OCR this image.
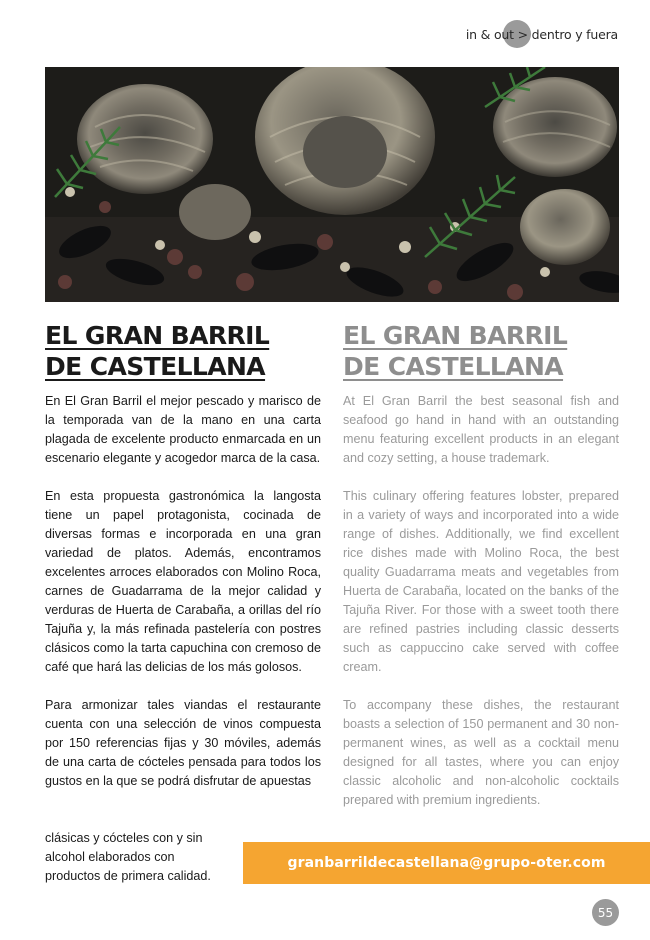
in & out > dentro y fuera
EL GRAN BARRIL
DE CASTELLANA
EL GRAN BARRIL
DE CASTELLANA

En El Gran Barril el mejor pescado y marisco de la temporada van de la mano en una carta plagada de excelente producto enmarcada en un escenario elegante y acogedor marca de la casa.

En esta propuesta gastronómica la langosta tiene un papel protagonista, cocinada de diversas formas e incorporada en una gran variedad de platos. Además, encontramos excelentes arroces elaborados con Molino Roca, carnes de Guadarrama de la mejor calidad y verduras de Huerta de Carabaña, a orillas del río Tajuña y, la más refinada pastelería con postres clásicos como la tarta capuchina con cremoso de café que hará las delicias de los más golosos.

Para armonizar tales viandas el restaurante cuenta con una selección de vinos compuesta por 150 referencias fijas y 30 móviles, además de una carta de cócteles pensada para todos los gustos en la que se podrá disfrutar de apuestas

clásicas y cócteles con y sin alcohol elaborados con productos de primera calidad.

At El Gran Barril the best seasonal fish and seafood go hand in hand with an outstanding menu featuring excellent products in an elegant and cozy setting, a house trademark.

This culinary offering features lobster, prepared in a variety of ways and incorporated into a wide range of dishes. Additionally, we find excellent rice dishes made with Molino Roca, the best quality Guadarrama meats and vegetables from Huerta de Carabaña, located on the banks of the Tajuña River. For those with a sweet tooth there are refined pastries including classic desserts such as cappuccino cake served with coffee cream.

To accompany these dishes, the restaurant boasts a selection of 150 permanent and 30 non-permanent wines, as well as a cocktail menu designed for all tastes, where you can enjoy classic alcoholic and non-alcoholic cocktails prepared with premium ingredients.

granbarrildecastellana@grupo-oter.com
55
